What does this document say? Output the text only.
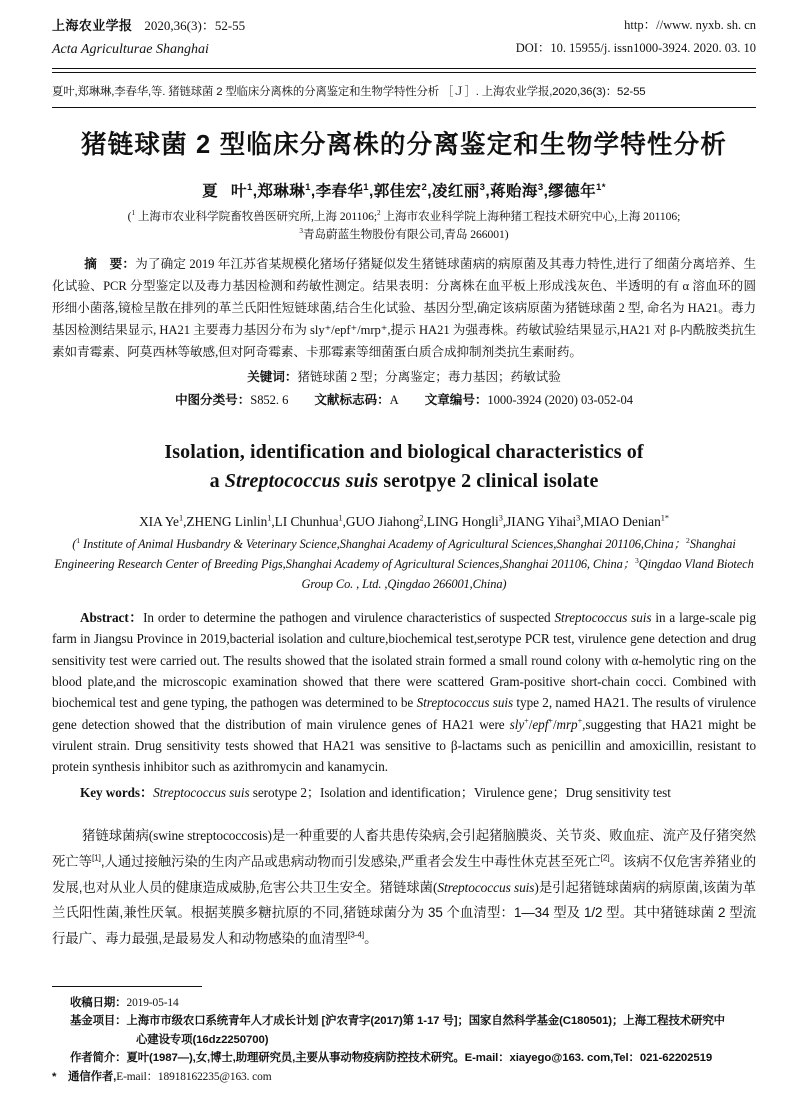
上海农业学报 2020,36(3)：52-55
Acta Agriculturae Shanghai
http：//www. nyxb. sh. cn
DOI：10. 15955/j. issn1000-3924. 2020. 03. 10
夏叶,郑琳琳,李春华,等. 猪链球菌 2 型临床分离株的分离鉴定和生物学特性分析 ［Ｊ］. 上海农业学报,2020,36(3)：52-55
猪链球菌 2 型临床分离株的分离鉴定和生物学特性分析
夏 叶$^1$,郑琳琳$^1$,李春华$^1$,郭佳宏$^2$,凌红丽$^3$,蒋贻海$^3$,缪德年$^{1*}$
($^1$ 上海市农业科学院畜牧兽医研究所,上海 201106;$^2$ 上海市农业科学院上海种猪工程技术研究中心,上海 201106;
$^3$青岛蔚蓝生物股份有限公司,青岛 266001)
摘　要：为了确定 2019 年江苏省某规模化猪场仔猪疑似发生猪链球菌病的病原菌及其毒力特性,进行了细菌分离培养、生化试验、PCR 分型鉴定以及毒力基因检测和药敏性测定。结果表明：分离株在血平板上形成浅灰色、半透明的有 α 溶血环的圆形细小菌落,镜检呈散在排列的革兰氏阳性短链球菌,结合生化试验、基因分型,确定该病原菌为猪链球菌 2 型, 命名为 HA21。毒力基因检测结果显示, HA21 主要毒力基因分布为 sly⁺/epf⁺/mrp⁺,提示 HA21 为强毒株。药敏试验结果显示,HA21 对 β-内酰胺类抗生素如青霉素、阿莫西林等敏感,但对阿奇霉素、卡那霉素等细菌蛋白质合成抑制剂类抗生素耐药。
关键词：猪链球菌 2 型；分离鉴定；毒力基因；药敏试验
中图分类号：S852. 6 文献标志码：A 文章编号：1000-3924 (2020) 03-052-04
Isolation, identification and biological characteristics of
a Streptococcus suis serotpye 2 clinical isolate
XIA Ye$^1$,ZHENG Linlin$^1$,LI Chunhua$^1$,GUO Jiahong$^2$,LING Hongli$^3$,JIANG Yihai$^3$,MIAO Denian$^{1*}$
($^1$ Institute of Animal Husbandry & Veterinary Science,Shanghai Academy of Agricultural Sciences,Shanghai 201106,China；$^2$Shanghai Engineering Research Center of Breeding Pigs,Shanghai Academy of Agricultural Sciences,Shanghai 201106, China；$^3$Qingdao Vland Biotech Group Co. , Ltd. ,Qingdao 266001,China)
Abstract：In order to determine the pathogen and virulence characteristics of suspected Streptococcus suis in a large-scale pig farm in Jiangsu Province in 2019,bacterial isolation and culture,biochemical test,serotype PCR test, virulence gene detection and drug sensitivity test were carried out. The results showed that the isolated strain formed a small round colony with α-hemolytic ring on the blood plate,and the microscopic examination showed that there were scattered Gram-positive short-chain cocci. Combined with biochemical test and gene typing, the pathogen was determined to be Streptococcus suis type 2, named HA21. The results of virulence gene detection showed that the distribution of main virulence genes of HA21 were sly+/epf+/mrp+,suggesting that HA21 might be virulent strain. Drug sensitivity tests showed that HA21 was sensitive to β-lactams such as penicillin and amoxicillin, resistant to protein synthesis inhibitor such as azithromycin and kanamycin.
Key words：Streptococcus suis serotype 2；Isolation and identification；Virulence gene；Drug sensitivity test
猪链球菌病(swine streptococcosis)是一种重要的人畜共患传染病,会引起猪脑膜炎、关节炎、败血症、流产及仔猪突然死亡等[1],人通过接触污染的生肉产品或患病动物而引发感染,严重者会发生中毒性休克甚至死亡[2]。该病不仅危害养猪业的发展,也对从业人员的健康造成威胁,危害公共卫生安全。猪链球菌(Streptococcus suis)是引起猪链球菌病的病原菌,该菌为革兰氏阳性菌,兼性厌氧。根据荚膜多糖抗原的不同,猪链球菌分为 35 个血清型：1—34 型及 1/2 型。其中猪链球菌 2 型流行最广、毒力最强,是最易发人和动物感染的血清型[3-4]。
收稿日期：2019-05-14
基金项目：上海市市级农口系统青年人才成长计划 [沪农青字(2017)第 1-17 号]；国家自然科学基金(C180501)；上海工程技术研究中
心建设专项(16dz2250700)
作者简介：夏叶(1987—),女,博士,助理研究员,主要从事动物疫病防控技术研究。E-mail：xiayego@163. com,Tel：021-62202519
* 通信作者,E-mail：18918162235@163. com
